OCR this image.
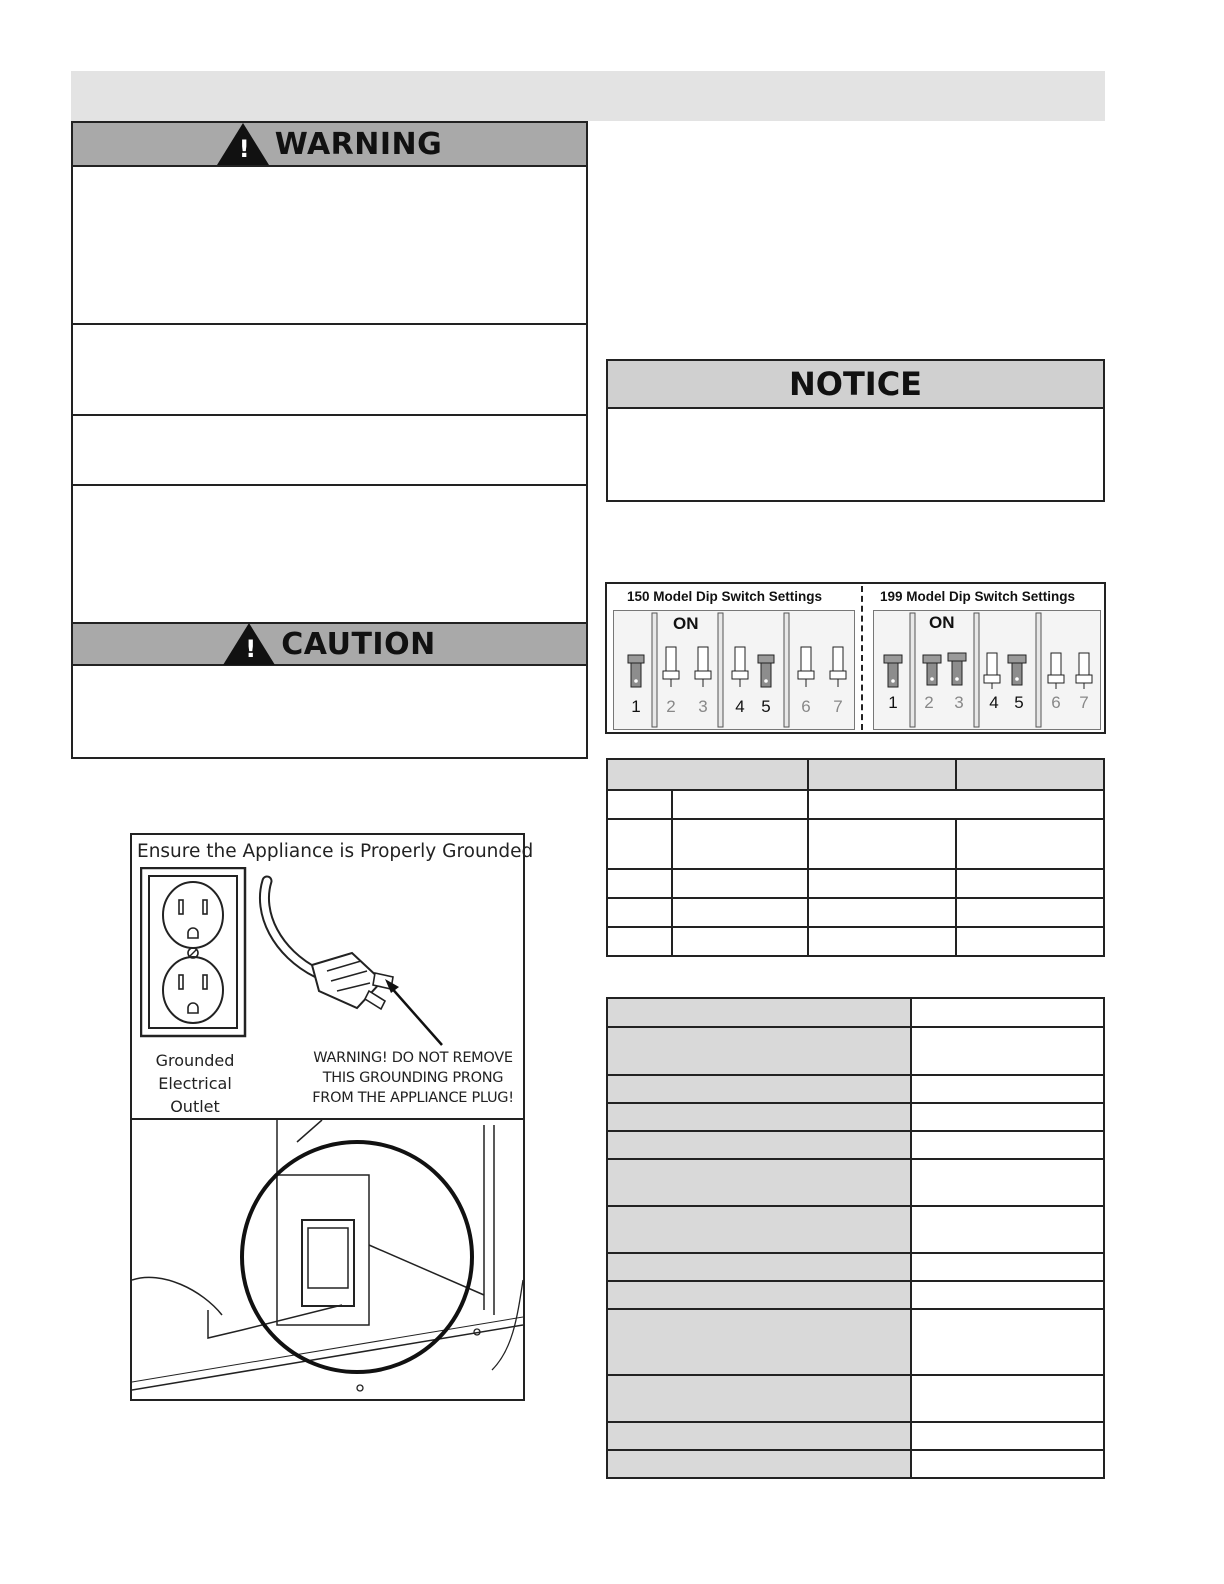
! WARNING
! CAUTION
NOTICE
Ensure the Appliance is Properly Grounded
Grounded
Electrical
Outlet
WARNING! DO NOT REMOVE
THIS GROUNDING PRONG
FROM THE APPLIANCE PLUG!
150 Model Dip Switch Settings	199 Model Dip Switch Settings
ON
1	2	3	4 5	6	7
ON
1	2	3	4 5	6	7
